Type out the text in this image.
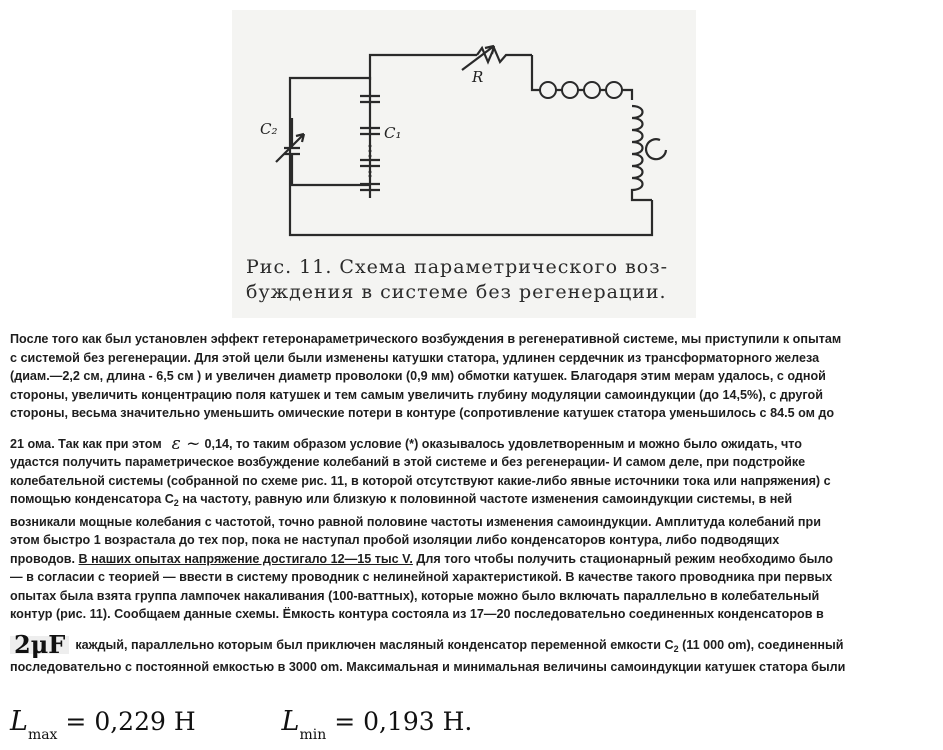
C₂	C₁
R
Рис. 11. Схема параметрического воз-
буждения в системе без регенерации.
После того как был установлен эффект гетеронараметрического возбуждения в регенеративной системе, мы приступили к опытам
с системой без регенерации. Для этой цели были изменены катушки статора, удлинен сердечник из трансформаторного железа
(диам.—2,2 см, длина - 6,5 см ) и увеличен диаметр проволоки (0,9 мм) обмотки катушек. Благодаря этим мерам удалось, с одной
стороны, увеличить концентрацию поля катушек и тем самым увеличить глубину модуляции самоиндукции (до 14,5%), с другой
стороны, весьма значительно уменьшить омические потери в контуре (сопротивление катушек статора уменьшилось с 84.5 ом до
21 ома. Так как при этом ε ~ 0,14, то таким образом условие (*) оказывалось удовлетворенным и можно было ожидать, что
удастся получить параметрическое возбуждение колебаний в этой системе и без регенерации- И самом деле, при подстройке
колебательной системы (собранной по схеме рис. 11, в которой отсутствуют какие-либо явные источники тока или напряжения) с
помощью конденсатора $C_2$ на частоту, равную или близкую к половинной частоте изменения самоиндукции системы, в ней
возникали мощные колебания с частотой, точно равной половине частоты изменения самоиндукции. Амплитуда колебаний при
этом быстро 1 возрастала до тех пор, пока не наступал пробой изоляции либо конденсаторов контура, либо подводящих
проводов. В наших опытах напряжение достигало 12—15 тыс V. Для того чтобы получить стационарный режим необходимо было
— в согласии с теорией — ввести в систему проводник с нелинейной характеристикой. В качестве такого проводника при первых
опытах была взята группа лампочек накаливания (100-ваттных), которые можно было включать параллельно в колебательный
контур (рис. 11). Сообщаем данные схемы. Ёмкость контура состояла из 17—20 последовательно соединенных конденсаторов в
2μF каждый, параллельно которым был приключен масляный конденсатор переменной емкости $C_2$ (11 000 om), соединенный
последовательно с постоянной емкостью в 3000 om. Максимальная и минимальная величины самоиндукции катушек статора были
$L_{max} = 0,229$ H	$L_{min} = 0,193$ H.
